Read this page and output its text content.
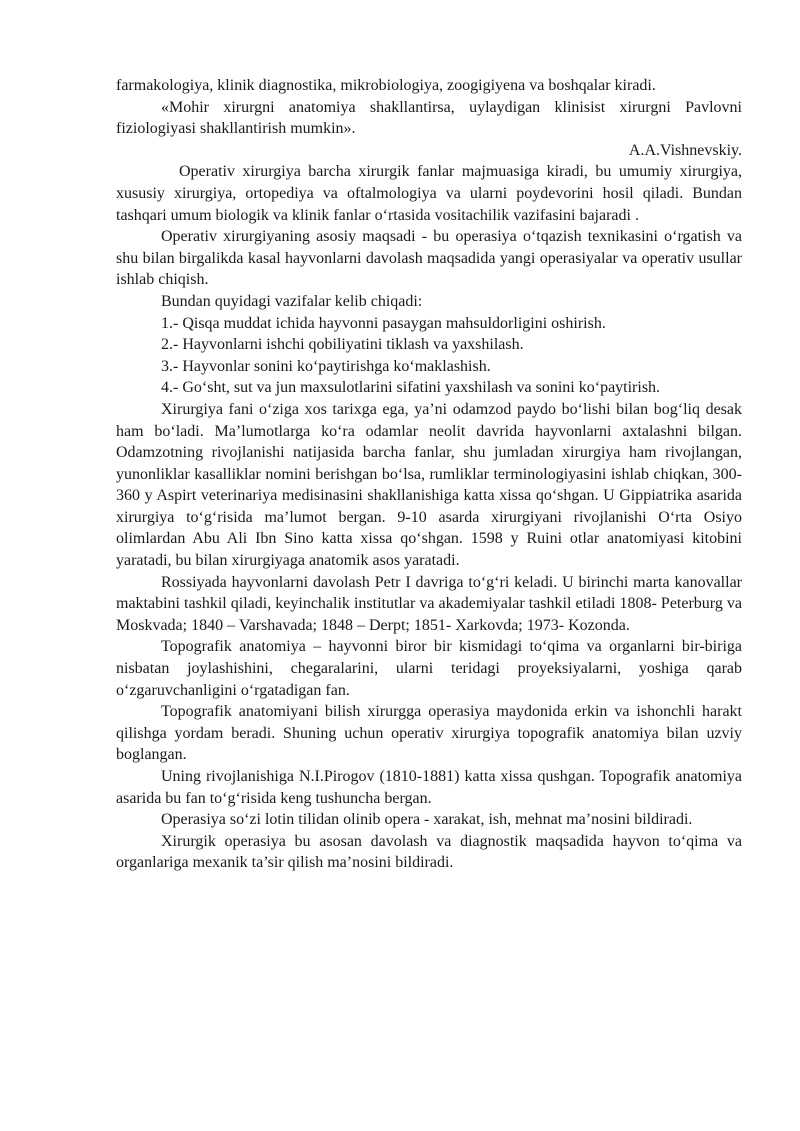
farmakologiya, klinik diagnostika, mikrobiologiya, zoogigiyena va boshqalar kiradi.

«Mohir xirurgni anatomiya shakllantirsa, uylaydigan klinisist xirurgni Pavlovni fiziologiyasi shakllantirish mumkin».

A.A.Vishnevskiy.

Operativ xirurgiya barcha xirurgik fanlar majmuasiga kiradi, bu umumiy xirurgiya, xususiy xirurgiya, ortopediya va oftalmologiya va ularni poydevorini hosil qiladi. Bundan tashqari umum biologik va klinik fanlar o‘rtasida vositachilik vazifasini bajaradi .

Operativ xirurgiyaning asosiy maqsadi - bu operasiya o‘tqazish texnikasini o‘rgatish va shu bilan birgalikda kasal hayvonlarni davolash maqsadida yangi operasiyalar va operativ usullar ishlab chiqish.

Bundan quyidagi vazifalar kelib chiqadi:

1.- Qisqa muddat ichida hayvonni pasaygan mahsuldorligini oshirish.

2.- Hayvonlarni ishchi qobiliyatini tiklash va yaxshilash.

3.- Hayvonlar sonini ko‘paytirishga ko‘maklashish.

4.- Go‘sht, sut va jun maxsulotlarini sifatini yaxshilash va sonini ko‘paytirish.

Xirurgiya fani o‘ziga xos tarixga ega, ya’ni odamzod paydo bo‘lishi bilan bog‘liq desak ham bo‘ladi. Ma’lumotlarga ko‘ra odamlar neolit davrida hayvonlarni axtalashni bilgan. Odamzotning rivojlanishi natijasida barcha fanlar, shu jumladan xirurgiya ham rivojlangan, yunonliklar kasalliklar nomini berishgan bo‘lsa, rumliklar terminologiyasini ishlab chiqkan, 300-360 y Aspirt veterinariya medisinasini shakllanishiga katta xissa qo‘shgan. U Gippiatrika asarida xirurgiya to‘g‘risida ma’lumot bergan. 9-10 asarda xirurgiyani rivojlanishi O‘rta Osiyo olimlardan Abu Ali Ibn Sino katta xissa qo‘shgan. 1598 y Ruini otlar anatomiyasi kitobini yaratadi, bu bilan xirurgiyaga anatomik asos yaratadi.

Rossiyada hayvonlarni davolash Petr I davriga to‘g‘ri keladi. U birinchi marta kanovallar maktabini tashkil qiladi, keyinchalik institutlar va akademiyalar tashkil etiladi 1808- Peterburg va Moskvada; 1840 – Varshavada; 1848 – Derpt; 1851- Xarkovda; 1973- Kozonda.

Topografik anatomiya – hayvonni biror bir kismidagi to‘qima va organlarni bir-biriga nisbatan joylashishini, chegaralarini, ularni teridagi proyeksiyalarni, yoshiga qarab o‘zgaruvchanligini o‘rgatadigan fan.

Topografik anatomiyani bilish xirurgga operasiya maydonida erkin va ishonchli harakt qilishga yordam beradi. Shuning uchun operativ xirurgiya topografik anatomiya bilan uzviy boglangan.

Uning rivojlanishiga N.I.Pirogov (1810-1881) katta xissa qushgan. Topografik anatomiya asarida bu fan to‘g‘risida keng tushuncha bergan.

Operasiya so‘zi lotin tilidan olinib opera - xarakat, ish, mehnat ma’nosini bildiradi.

Xirurgik operasiya bu asosan davolash va diagnostik maqsadida hayvon to‘qima va organlariga mexanik ta’sir qilish ma’nosini bildiradi.
